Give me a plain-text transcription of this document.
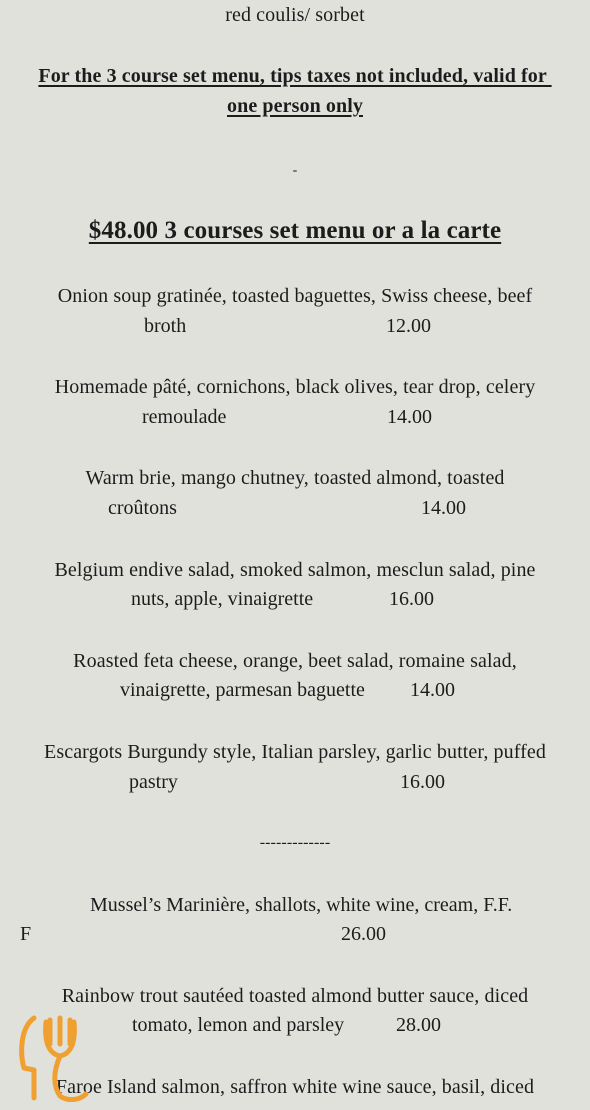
red coulis/ sorbet
For the 3 course set menu, tips taxes not included, valid for
one person only
-
$48.00 3 courses set menu or a la carte
Onion soup gratinée, toasted baguettes, Swiss cheese, beef
broth	12.00
Homemade pâté, cornichons, black olives, tear drop, celery
remoulade	14.00
Warm brie, mango chutney, toasted almond, toasted
croûtons	14.00
Belgium endive salad, smoked salmon, mesclun salad, pine
nuts, apple, vinaigrette	16.00
Roasted feta cheese, orange, beet salad, romaine salad,
vinaigrette, parmesan baguette 14.00
Escargots Burgundy style, Italian parsley, garlic butter, puffed
pastry	16.00
-------------
Mussel’s Marinière, shallots, white wine, cream, F.F.
F	26.00
Rainbow trout sautéed toasted almond butter sauce, diced
tomato, lemon and parsley	28.00
Faroe Island salmon, saffron white wine sauce, basil, diced
